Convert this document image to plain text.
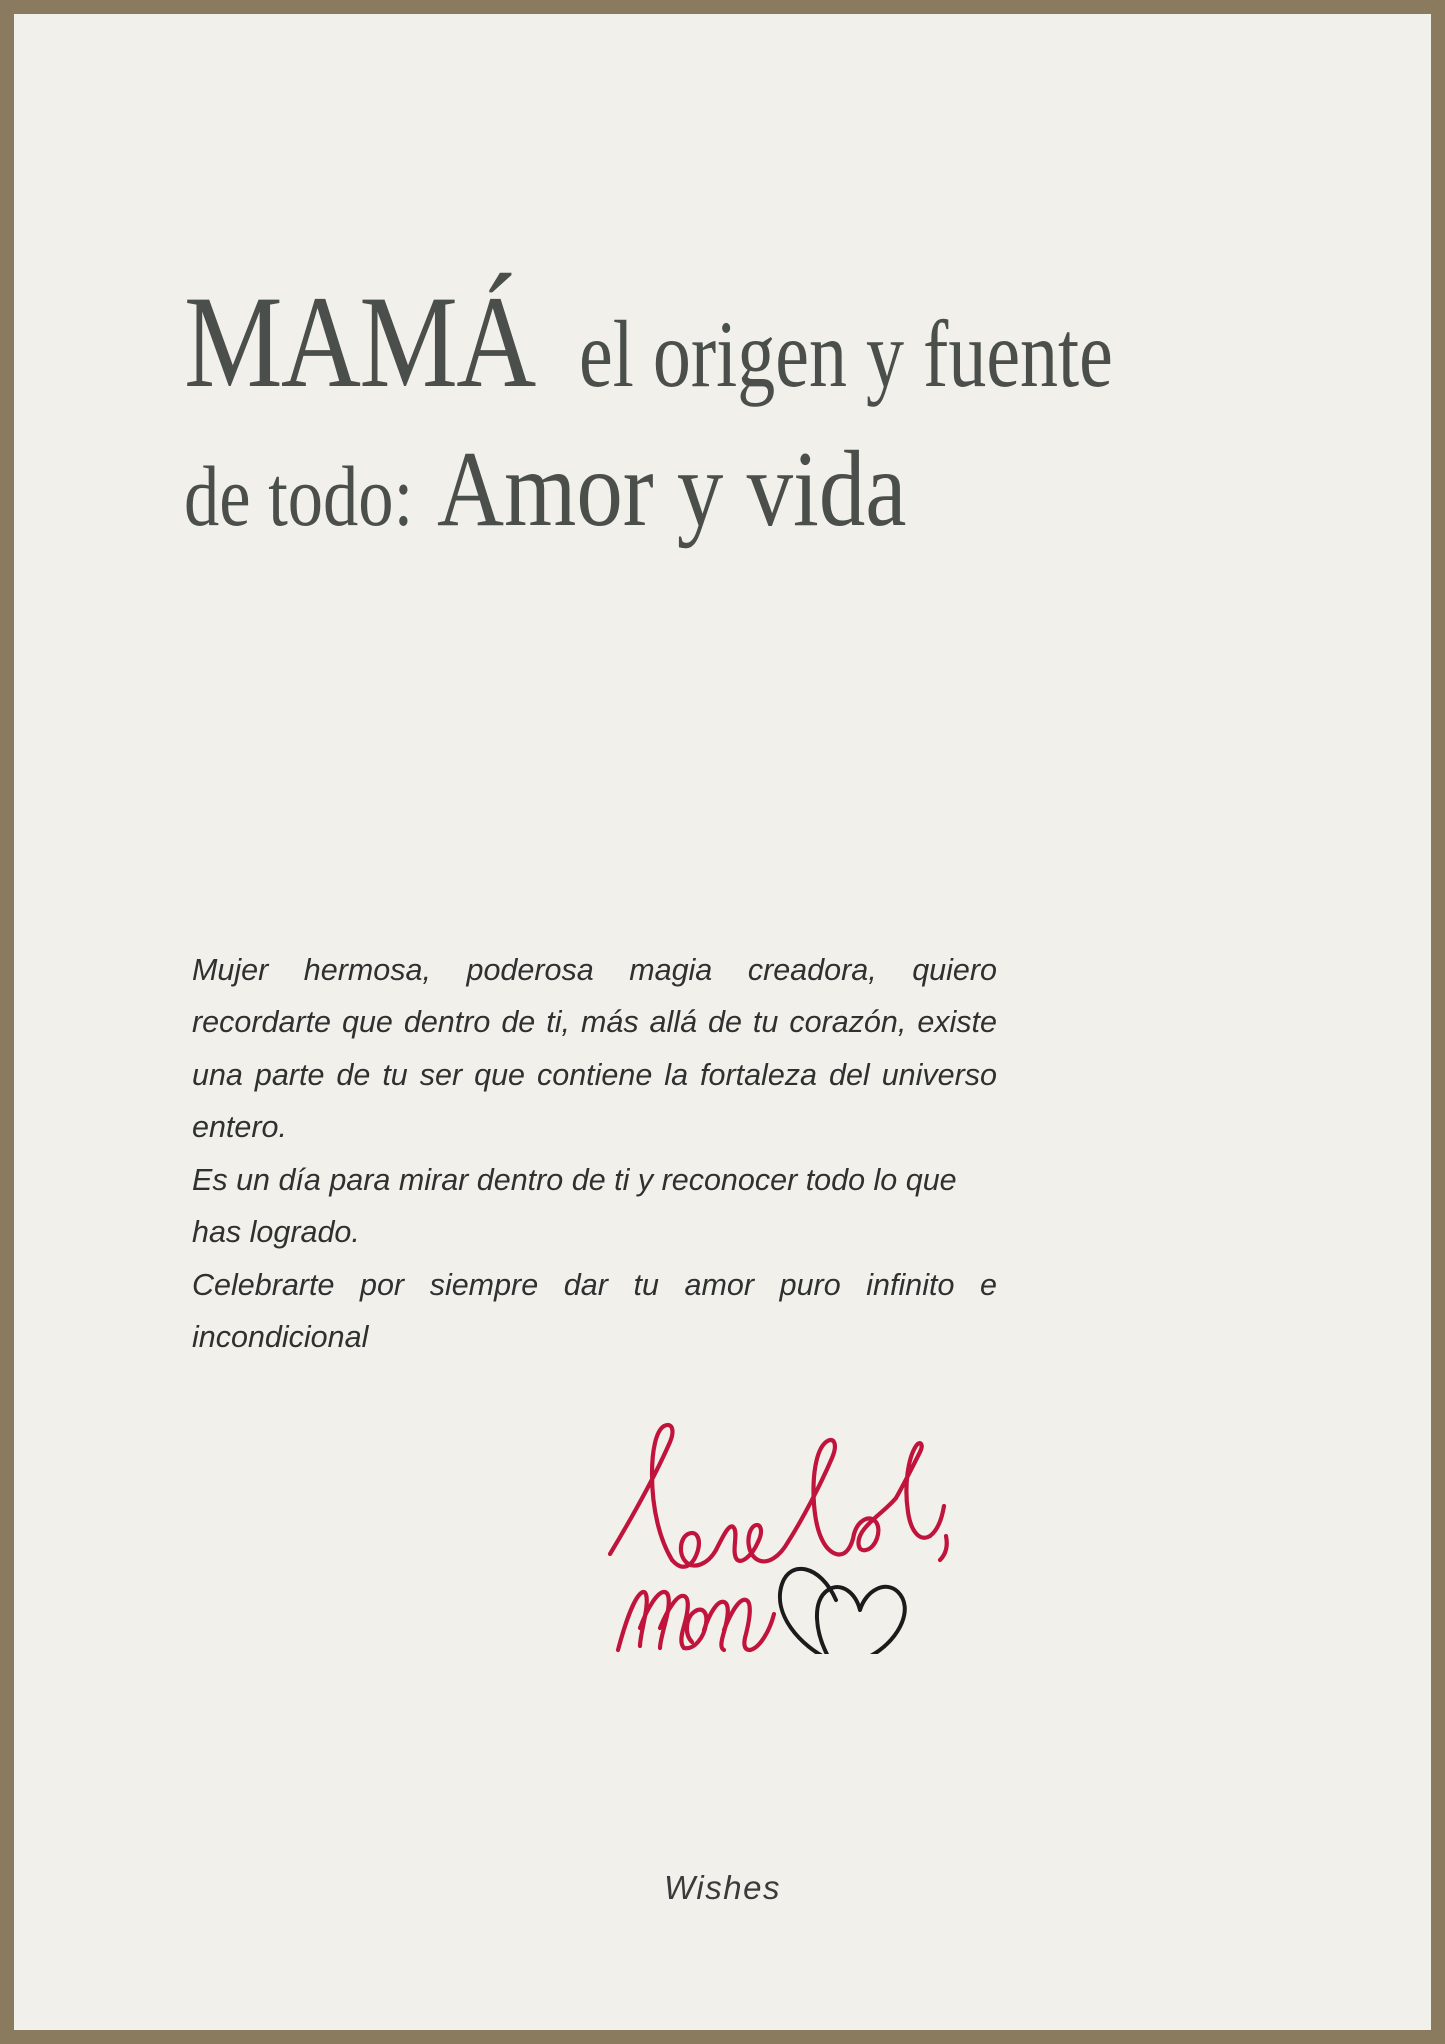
MAMÁ el origen y fuente
de todo: Amor y vida

Mujer hermosa, poderosa magia creadora, quiero recordarte que dentro de ti, más allá de tu corazón, existe una parte de tu ser que contiene la fortaleza del universo entero.

Es un día para mirar dentro de ti y reconocer todo lo que has logrado.

Celebrarte por siempre dar tu amor puro infinito e incondicional

Wishes
